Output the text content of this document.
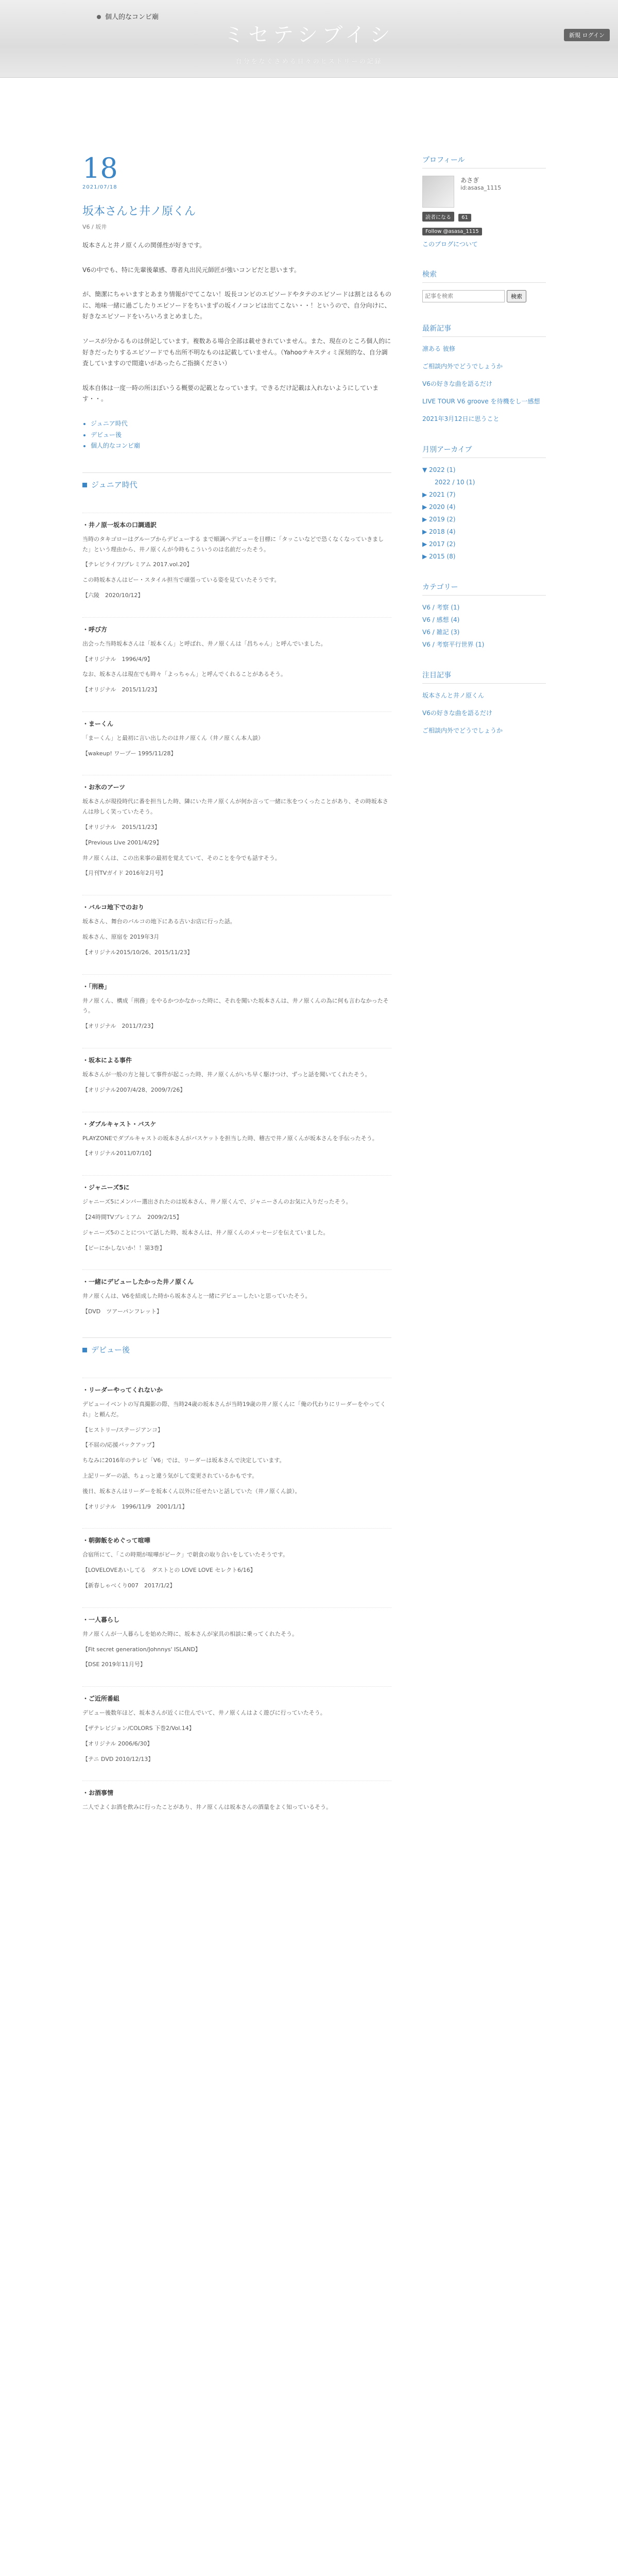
個人的なコンビ廟
新規 ログイン
ミセテシブイシ
自分をなぐさめる日々のヒストリーの記録
18
2021/07/18
坂本さんと井ノ原くん
V6 / 坂井

坂本さんと井ノ原くんの関係性が好きです。

V6の中でも、特に先輩後輩感、尊者丸出民元師匠が強いコンビだと思います。

が、簡潔にちゃいますとあまり情報がでてこない！坂長コンビのエピソードやタテのエピソードは割とはるものに、地味一緒に過ごしたりエピソードをちいまずの坂イノコンビは出てこない・・！というので、自分向けに、好きなエピソードをいろいろまとめました。

ソースが分かるものは併記しています。複数ある場合全部は載せきれていません。また、現在のところ個人的に好きだったりするエピソードでも出所不明なものは記載していません。（Yahooテキスティミ深刻的な、自分調査していますので間違いがあったらご指摘ください）

坂本自体は一度一時の所ほぼいうる概要の記載となっています。できるだけ記載は入れないようにしています・・。

• ジュニア時代
• デビュー後
• 個人的なコンビ廟
ジュニア時代
・井ノ原一坂本の口調通訳

当時のタキゴローはグループからデビューする まで順調へデビューを目標に「タッこいなどで恐くなくなっていきました」という理由から、井ノ原くんが今時もこういうのは名前だったそう。

【テレビライフ/プレミアム 2017.vol.20】

この時坂本さんはビー・スタイル担当で頑張っている姿を見ていたそうです。

【六陵　2020/10/12】

・呼び方

出会った当時坂本さんは「坂本くん」と呼ばれ、井ノ原くんは「昌ちゃん」と呼んでいました。

【オリジナル　1996/4/9】

なお、坂本さんは現在でも時々「よっちゃん」と呼んでくれることがあるそう。

【オリジナル　2015/11/23】

・まーくん

「まーくん」と最初に言い出したのは井ノ原くん（井ノ原くん本人談）

【wakeup! ワープー 1995/11/28】

・お氷のアーツ

坂本さんが現役時代に番を担当した時、隣にいた井ノ原くんが何か言って一緒に氷をつくったことがあり、その時坂本さんは珍しく笑っていたそう。

【オリジナル　2015/11/23】

【Previous Live 2001/4/29】

井ノ原くんは、この出来事の最初を覚えていて、そのことを今でも話すそう。

【月刊TVガイド 2016年2月号】

・バルコ地下でのおり

坂本さん、舞台のバルコの地下にある古いお店に行った話。

坂本さん、原宿を 2019年3月

【オリジナル2015/10/26、2015/11/23】

・「刑務」

井ノ原くん、構成「刑務」をやるかつかなかった時に、それを聞いた坂本さんは、井ノ原くんの為に何も言わなかったそう。

【オリジナル　2011/7/23】

・坂本による事件

坂本さんが一般の方と接して事件が起こった時、井ノ原くんがいち早く駆けつけ、ずっと話を聞いてくれたそう。

【オリジナル2007/4/28、2009/7/26】

・ダブルキャスト・バスケ

PLAYZONEでダブルキャストの坂本さんがバスケットを担当した時、稽古で井ノ原くんが坂本さんを手伝ったそう。

【オリジナル2011/07/10】

・ジャニーズ5に

ジャニーズ5にメンバー選出されたのは坂本さん、井ノ原くんで、ジャニーさんのお気に入りだったそう。

【24時間TVプレミアム　2009/2/15】

ジャニーズ5のことについて話した時、坂本さんは、井ノ原くんのメッセージを伝えていました。

【ビーにかしないか！！第3巻】

・一緒にデビューしたかった井ノ原くん

井ノ原くんは、V6を結成した時から坂本さんと一緒にデビューしたいと思っていたそう。

【DVD　ツアーパンフレット】

デビュー後
・リーダーやってくれないか

デビューイベントの写真撮影の際、当時24歳の坂本さんが当時19歳の井ノ原くんに「俺の代わりにリーダーをやってくれ」と頼んだ。

【ヒストリー/ステージアンコ】

【不屈の/応援バックアップ】

ちなみに2016年のテレビ「V6」では、リーダーは坂本さんで決定しています。

上記リーダーの話、ちょっと違う気がして変更されているかもです。

後日、坂本さんはリーダーを坂本くん以外に任せたいと話していた（井ノ原くん談）。

【オリジナル　1996/11/9　2001/1/1】

・朝御飯をめぐって喧嘩

合宿所にて、「この時期が喧嘩がピーク」で朝食の取り合いをしていたそうです。

【LOVELOVEあいしてる　ダストとの LOVE LOVE セレクト6/16】

【新春しゃべくり007　2017/1/2】

・一人暮らし

井ノ原くんが一人暮らしを始めた時に、坂本さんが家具の相談に乗ってくれたそう。

【Fit secret generation/Johnnys' ISLAND】

【DSE 2019年11月号】

・ご近所番組

デビュー後数年ほど、坂本さんが近くに住んでいて、井ノ原くんはよく遊びに行っていたそう。

【ザテレビジョン/COLORS 下巻2/Vol.14】

【オリジナル 2006/6/30】

【テニ DVD 2010/12/13】

・お酒事情

二人でよくお酒を飲みに行ったことがあり、井ノ原くんは坂本さんの酒量をよく知っているそう。

プロフィール

あさぎ
id:asasa_1115
読者になる 61
Follow @asasa_1115
このブログについて
検索
記事を検索
検索
最新記事
凛ある 彼修
ご相談内外でどうでしょうか
V6の好きな曲を語るだけ
LIVE TOUR V6 groove を待機をし一感想
2021年3月12日に思うこと
月別アーカイブ
▼ 2022 (1)
2022 / 10 (1)
▶ 2021 (7)
▶ 2020 (4)
▶ 2019 (2)
▶ 2018 (4)
▶ 2017 (2)
▶ 2015 (8)
カテゴリー
V6 / 考察 (1)
V6 / 感想 (4)
V6 / 雑記 (3)
V6 / 考察平行世界 (1)
注目記事
坂本さんと井ノ原くん
V6の好きな曲を語るだけ
ご相談内外でどうでしょうか
